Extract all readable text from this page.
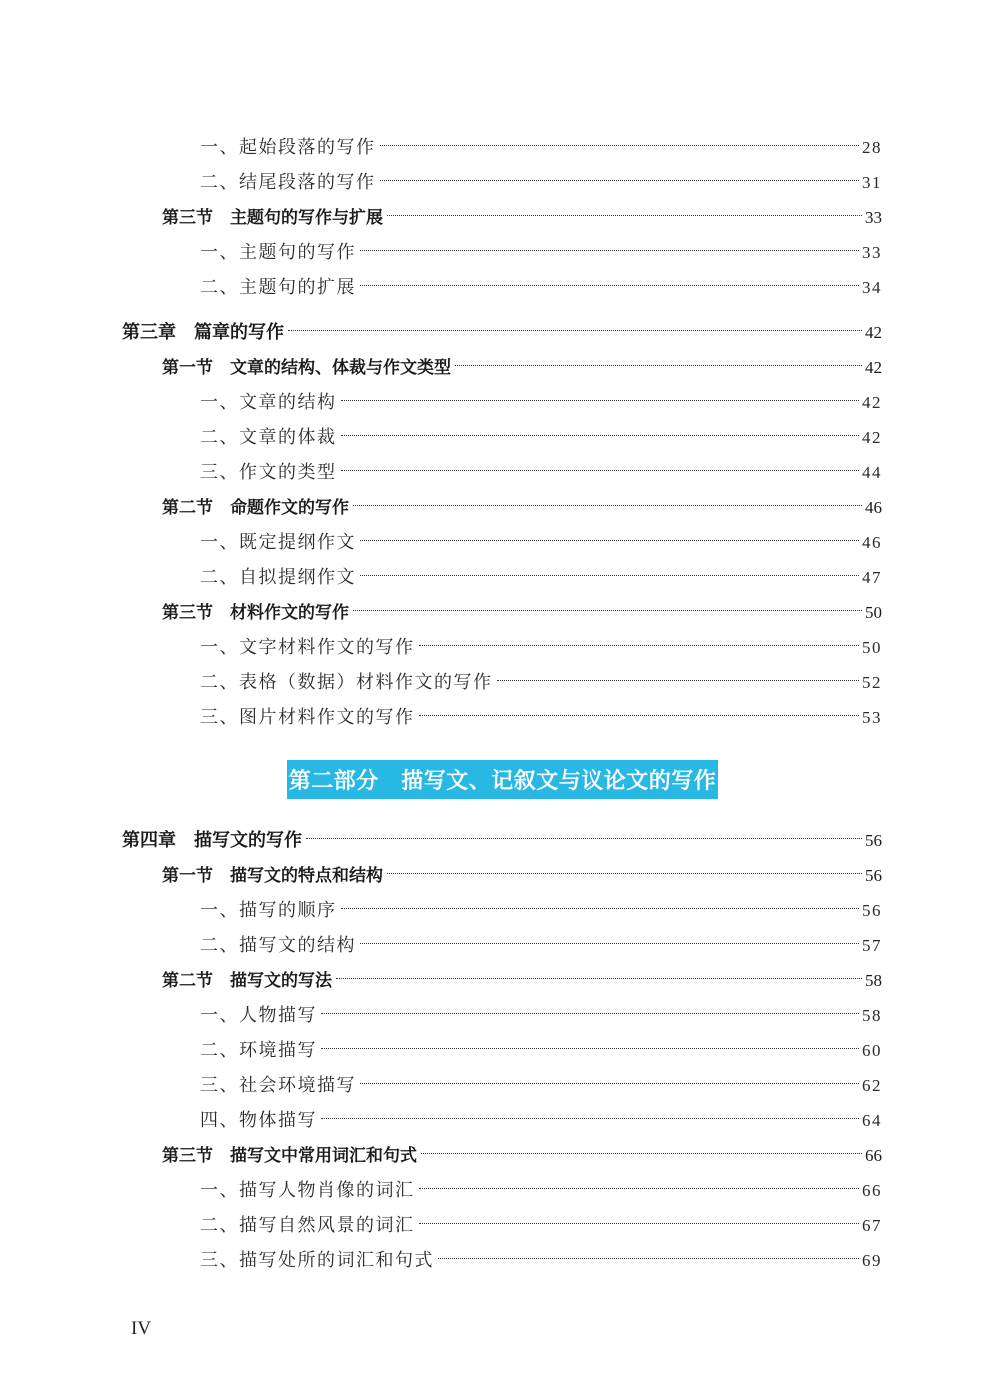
一、起始段落的写作	28
二、结尾段落的写作	31
第三节　主题句的写作与扩展	33
一、主题句的写作	33
二、主题句的扩展	34
第三章　篇章的写作	42
第一节　文章的结构、体裁与作文类型	42
一、文章的结构	42
二、文章的体裁	42
三、作文的类型	44
第二节　命题作文的写作	46
一、既定提纲作文	46
二、自拟提纲作文	47
第三节　材料作文的写作	50
一、文字材料作文的写作	50
二、表格（数据）材料作文的写作	52
三、图片材料作文的写作	53
第二部分　描写文、记叙文与议论文的写作
第四章　描写文的写作	56
第一节　描写文的特点和结构	56
一、描写的顺序	56
二、描写文的结构	57
第二节　描写文的写法	58
一、人物描写	58
二、环境描写	60
三、社会环境描写	62
四、物体描写	64
第三节　描写文中常用词汇和句式	66
一、描写人物肖像的词汇	66
二、描写自然风景的词汇	67
三、描写处所的词汇和句式	69
IV
